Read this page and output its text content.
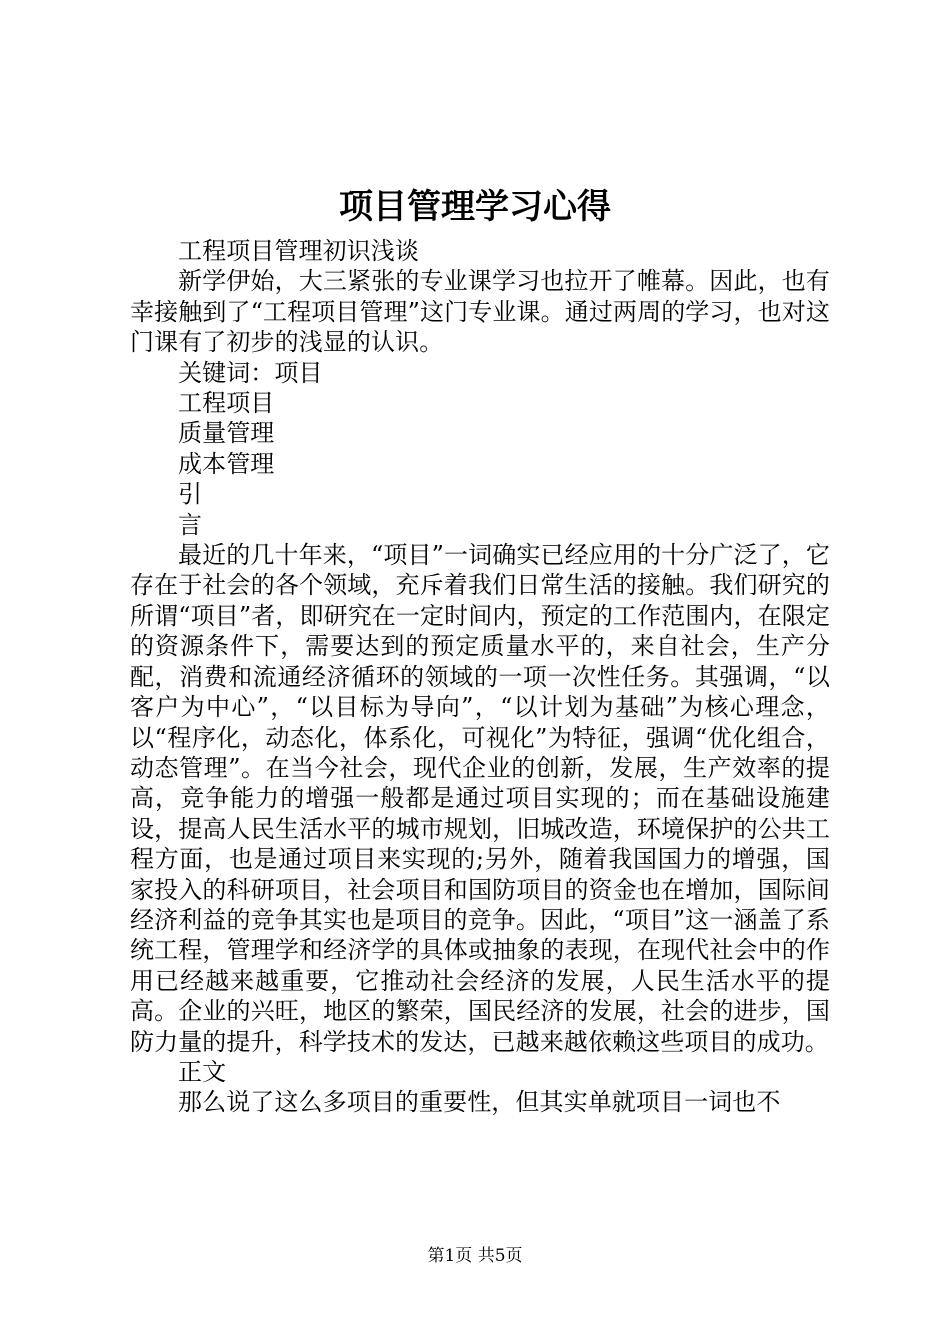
项目管理学习心得

工程项目管理初识浅谈

新学伊始，大三紧张的专业课学习也拉开了帷幕。因此，也有幸接触到了“工程项目管理”这门专业课。通过两周的学习，也对这门课有了初步的浅显的认识。

关键词：项目

工程项目

质量管理

成本管理

引

言

最近的几十年来，“项目”一词确实已经应用的十分广泛了，它存在于社会的各个领域，充斥着我们日常生活的接触。我们研究的所谓“项目”者，即研究在一定时间内，预定的工作范围内，在限定的资源条件下，需要达到的预定质量水平的，来自社会，生产分配，消费和流通经济循环的领域的一项一次性任务。其强调，“以客户为中心”，“以目标为导向”，“以计划为基础”为核心理念，以“程序化，动态化，体系化，可视化”为特征，强调“优化组合，动态管理”。在当今社会，现代企业的创新，发展，生产效率的提高，竞争能力的增强一般都是通过项目实现的；而在基础设施建设，提高人民生活水平的城市规划，旧城改造，环境保护的公共工程方面，也是通过项目来实现的;另外，随着我国国力的增强，国家投入的科研项目，社会项目和国防项目的资金也在增加，国际间经济利益的竞争其实也是项目的竞争。因此，“项目”这一涵盖了系统工程，管理学和经济学的具体或抽象的表现，在现代社会中的作用已经越来越重要，它推动社会经济的发展，人民生活水平的提高。企业的兴旺，地区的繁荣，国民经济的发展，社会的进步，国防力量的提升，科学技术的发达，已越来越依赖这些项目的成功。

正文

那么说了这么多项目的重要性，但其实单就项目一词也不

第1页 共5页
